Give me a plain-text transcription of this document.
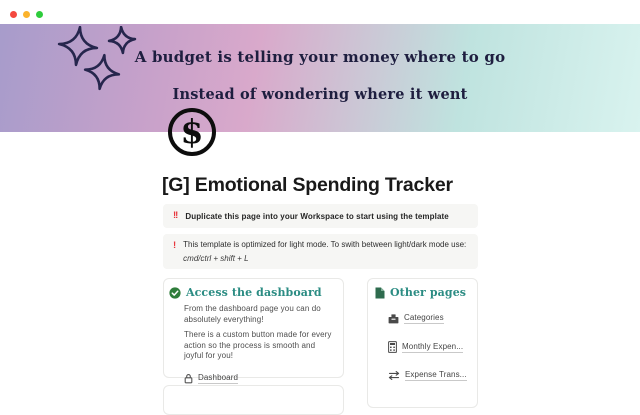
A budget is telling your money where to go
Instead of wondering where it went
$
[G] Emotional Spending Tracker
!! Duplicate this page into your Workspace to start using the template
! This template is optimized for light mode. To swith between light/dark mode use:
cmd/ctrl + shift + L
Access the dashboard

From the dashboard page you can do absolutely everything!

There is a custom button made for every action so the process is smooth and joyful for you!

Dashboard
Other pages
Categories
Monthly Expen...
Expense Trans...
